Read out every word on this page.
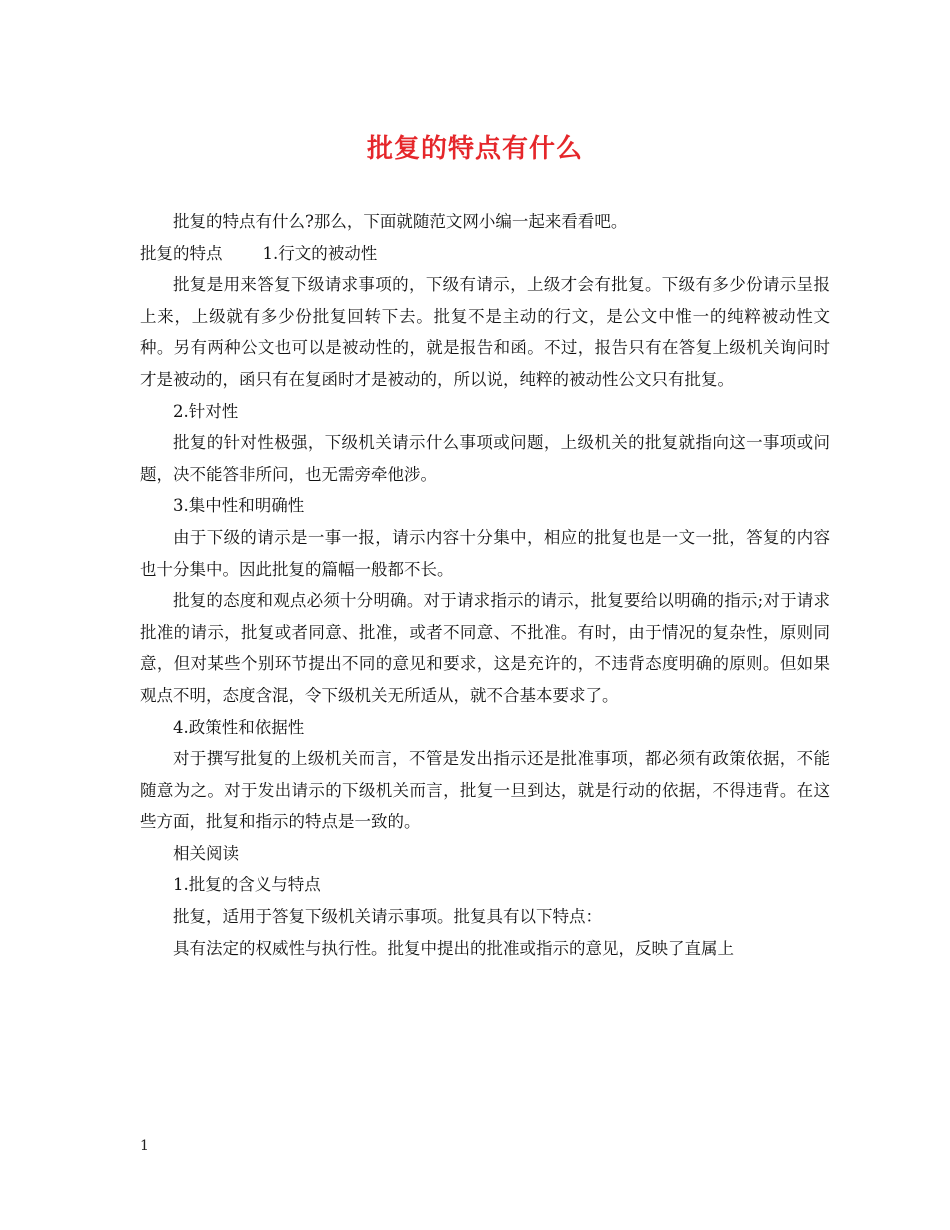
批复的特点有什么

批复的特点有什么?那么，下面就随范文网小编一起来看看吧。

批复的特点 1.行文的被动性

批复是用来答复下级请求事项的，下级有请示，上级才会有批复。下级有多少份请示呈报上来，上级就有多少份批复回转下去。批复不是主动的行文，是公文中惟一的纯粹被动性文种。另有两种公文也可以是被动性的，就是报告和函。不过，报告只有在答复上级机关询问时才是被动的，函只有在复函时才是被动的，所以说，纯粹的被动性公文只有批复。

2.针对性

批复的针对性极强，下级机关请示什么事项或问题，上级机关的批复就指向这一事项或问题，决不能答非所问，也无需旁牵他涉。

3.集中性和明确性

由于下级的请示是一事一报，请示内容十分集中，相应的批复也是一文一批，答复的内容也十分集中。因此批复的篇幅一般都不长。

批复的态度和观点必须十分明确。对于请求指示的请示，批复要给以明确的指示;对于请求批准的请示，批复或者同意、批准，或者不同意、不批准。有时，由于情况的复杂性，原则同意，但对某些个别环节提出不同的意见和要求，这是充许的，不违背态度明确的原则。但如果观点不明，态度含混，令下级机关无所适从，就不合基本要求了。

4.政策性和依据性

对于撰写批复的上级机关而言，不管是发出指示还是批准事项，都必须有政策依据，不能随意为之。对于发出请示的下级机关而言，批复一旦到达，就是行动的依据，不得违背。在这些方面，批复和指示的特点是一致的。

相关阅读

1.批复的含义与特点

批复，适用于答复下级机关请示事项。批复具有以下特点：

具有法定的权威性与执行性。批复中提出的批准或指示的意见，反映了直属上

1
